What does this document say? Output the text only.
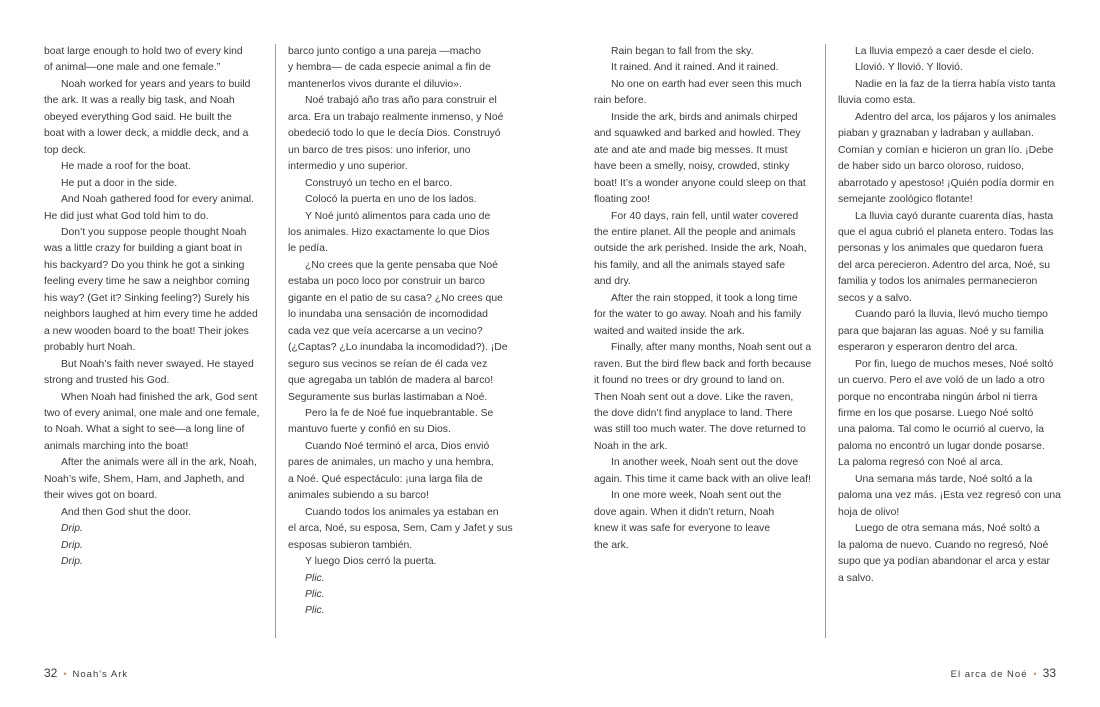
boat large enough to hold two of every kind

of animal—one male and one female.”

Noah worked for years and years to build

the ark. It was a really big task, and Noah

obeyed everything God said. He built the

boat with a lower deck, a middle deck, and a

top deck.

He made a roof for the boat.

He put a door in the side.

And Noah gathered food for every animal.

He did just what God told him to do.

Don’t you suppose people thought Noah

was a little crazy for building a giant boat in

his backyard? Do you think he got a sinking

feeling every time he saw a neighbor coming

his way? (Get it? Sinking feeling?) Surely his

neighbors laughed at him every time he added

a new wooden board to the boat! Their jokes

probably hurt Noah.

But Noah’s faith never swayed. He stayed

strong and trusted his God.

When Noah had finished the ark, God sent

two of every animal, one male and one female,

to Noah. What a sight to see—a long line of

animals marching into the boat!

After the animals were all in the ark, Noah,

Noah’s wife, Shem, Ham, and Japheth, and

their wives got on board.

And then God shut the door.

Drip.

Drip.

Drip.

barco junto contigo a una pareja —macho

y hembra— de cada especie animal a fin de

mantenerlos vivos durante el diluvio».

Noé trabajó año tras año para construir el

arca. Era un trabajo realmente inmenso, y Noé

obedeció todo lo que le decía Dios. Construyó

un barco de tres pisos: uno inferior, uno

intermedio y uno superior.

Construyó un techo en el barco.

Colocó la puerta en uno de los lados.

Y Noé juntó alimentos para cada uno de

los animales. Hizo exactamente lo que Dios

le pedía.

¿No crees que la gente pensaba que Noé

estaba un poco loco por construir un barco

gigante en el patio de su casa? ¿No crees que

lo inundaba una sensación de incomodidad

cada vez que veía acercarse a un vecino?

(¿Captas? ¿Lo inundaba la incomodidad?). ¡De

seguro sus vecinos se reían de él cada vez

que agregaba un tablón de madera al barco!

Seguramente sus burlas lastimaban a Noé.

Pero la fe de Noé fue inquebrantable. Se

mantuvo fuerte y confió en su Dios.

Cuando Noé terminó el arca, Dios envió

pares de animales, un macho y una hembra,

a Noé. Qué espectáculo: ¡una larga fila de

animales subiendo a su barco!

Cuando todos los animales ya estaban en

el arca, Noé, su esposa, Sem, Cam y Jafet y sus

esposas subieron también.

Y luego Dios cerró la puerta.

Plic.

Plic.

Plic.

Rain began to fall from the sky.

It rained. And it rained. And it rained.

No one on earth had ever seen this much

rain before.

Inside the ark, birds and animals chirped

and squawked and barked and howled. They

ate and ate and made big messes. It must

have been a smelly, noisy, crowded, stinky

boat! It’s a wonder anyone could sleep on that

floating zoo!

For 40 days, rain fell, until water covered

the entire planet. All the people and animals

outside the ark perished. Inside the ark, Noah,

his family, and all the animals stayed safe

and dry.

After the rain stopped, it took a long time

for the water to go away. Noah and his family

waited and waited inside the ark.

Finally, after many months, Noah sent out a

raven. But the bird flew back and forth because

it found no trees or dry ground to land on.

Then Noah sent out a dove. Like the raven,

the dove didn’t find anyplace to land. There

was still too much water. The dove returned to

Noah in the ark.

In another week, Noah sent out the dove

again. This time it came back with an olive leaf!

In one more week, Noah sent out the

dove again. When it didn’t return, Noah

knew it was safe for everyone to leave

the ark.

La lluvia empezó a caer desde el cielo.

Llovió. Y llovió. Y llovió.

Nadie en la faz de la tierra había visto tanta

lluvia como esta.

Adentro del arca, los pájaros y los animales

piaban y graznaban y ladraban y aullaban.

Comían y comían e hicieron un gran lío. ¡Debe

de haber sido un barco oloroso, ruidoso,

abarrotado y apestoso! ¡Quién podía dormir en

semejante zoológico flotante!

La lluvia cayó durante cuarenta días, hasta

que el agua cubrió el planeta entero. Todas las

personas y los animales que quedaron fuera

del arca perecieron. Adentro del arca, Noé, su

familia y todos los animales permanecieron

secos y a salvo.

Cuando paró la lluvia, llevó mucho tiempo

para que bajaran las aguas. Noé y su familia

esperaron y esperaron dentro del arca.

Por fin, luego de muchos meses, Noé soltó

un cuervo. Pero el ave voló de un lado a otro

porque no encontraba ningún árbol ni tierra

firme en los que posarse. Luego Noé soltó

una paloma. Tal como le ocurrió al cuervo, la

paloma no encontró un lugar donde posarse.

La paloma regresó con Noé al arca.

Una semana más tarde, Noé soltó a la

paloma una vez más. ¡Esta vez regresó con una

hoja de olivo!

Luego de otra semana más, Noé soltó a

la paloma de nuevo. Cuando no regresó, Noé

supo que ya podían abandonar el arca y estar

a salvo.

32 • Noah's Ark	El arca de Noé • 33
